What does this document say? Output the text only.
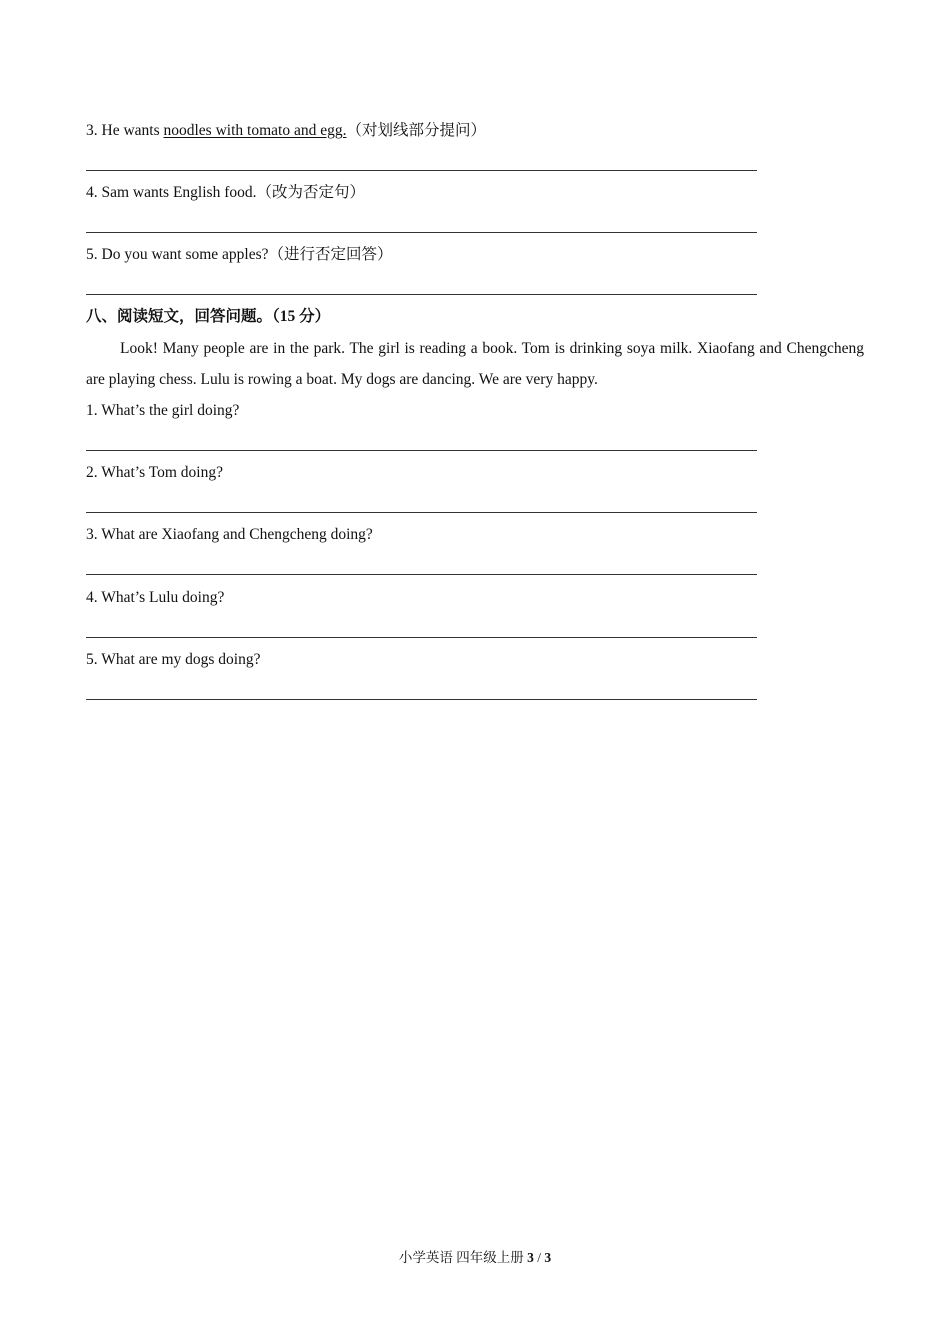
3. He wants noodles with tomato and egg.（对划线部分提问）
4. Sam wants English food.（改为否定句）
5. Do you want some apples?（进行否定回答）
八、阅读短文，回答问题。（15 分）
Look! Many people are in the park. The girl is reading a book. Tom is drinking soya milk. Xiaofang and Chengcheng are playing chess. Lulu is rowing a boat. My dogs are dancing. We are very happy.
1. What’s the girl doing?
2. What’s Tom doing?
3. What are Xiaofang and Chengcheng doing?
4. What’s Lulu doing?
5. What are my dogs doing?
小学英语 四年级上册 3 / 3
